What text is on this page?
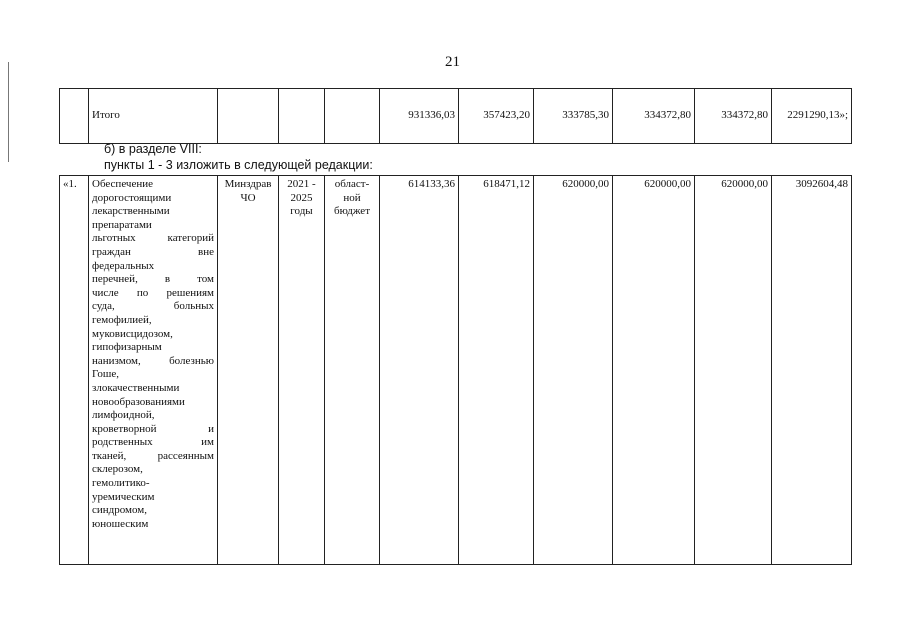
21
	Итого				931336,03	357423,20	333785,30	334372,80	334372,80	2291290,13»;
б) в разделе VIII:
пункты 1 - 3 изложить в следующей редакции:
«1.	Обеспечение
дорогостоящими
лекарственными
препаратами
льготных категорий
граждан вне
федеральных
перечней, в том
числе по решениям
суда, больных
гемофилией,
муковисцидозом,
гипофизарным
нанизмом, болезнью
Гоше,
злокачественными
новообразованиями
лимфоидной,
кроветворной и
родственных им
тканей, рассеянным
склерозом,
гемолитико-
уремическим
синдромом,
юношеским
	Минздрав ЧО	2021 - 2025 годы	област-ной бюджет	614133,36	618471,12	620000,00	620000,00	620000,00	3092604,48
